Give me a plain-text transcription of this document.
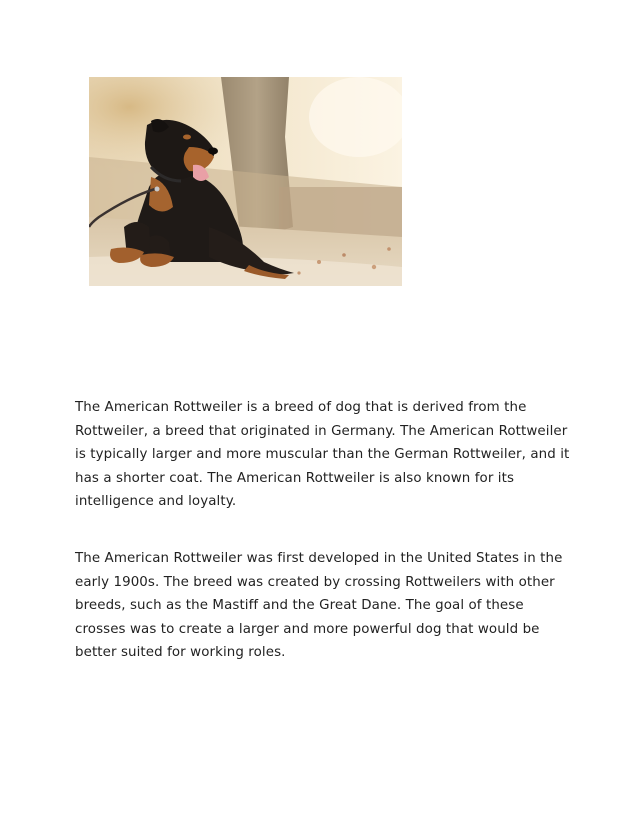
The American Rottweiler is a breed of dog that is derived from the Rottweiler, a breed that originated in Germany. The American Rottweiler is typically larger and more muscular than the German Rottweiler, and it has a shorter coat. The American Rottweiler is also known for its intelligence and loyalty.

The American Rottweiler was first developed in the United States in the early 1900s. The breed was created by crossing Rottweilers with other breeds, such as the Mastiff and the Great Dane. The goal of these crosses was to create a larger and more powerful dog that would be better suited for working roles.
